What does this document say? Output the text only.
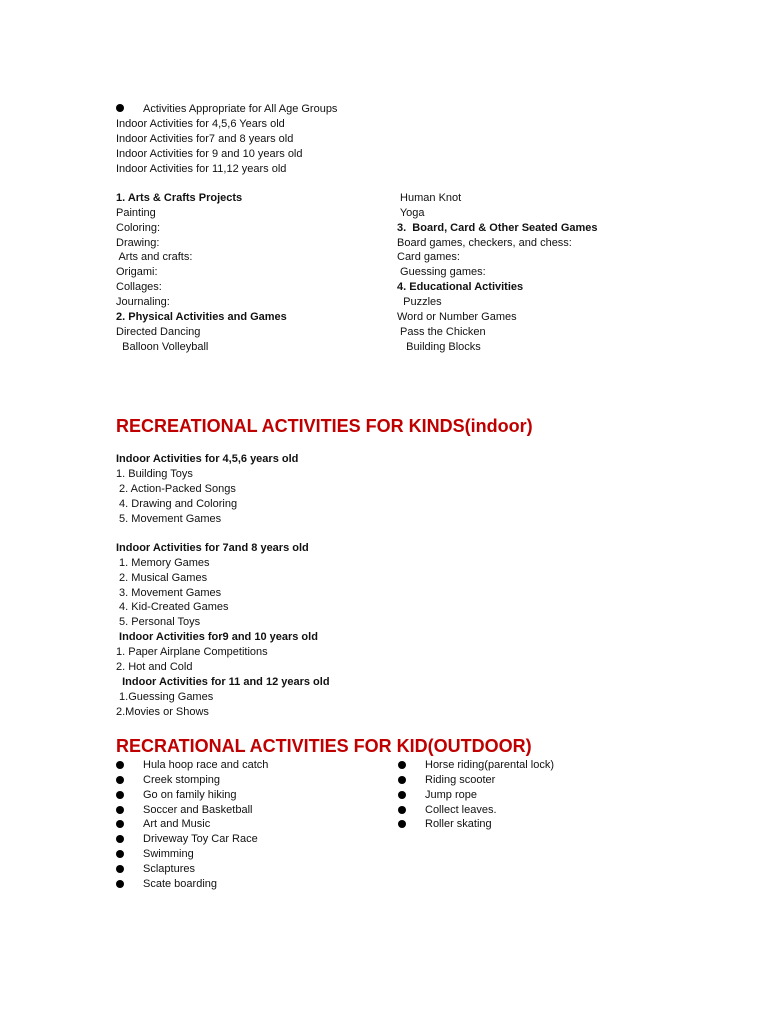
Activities Appropriate for All Age Groups
Indoor Activities for 4,5,6 Years old
Indoor Activities for7 and 8 years old
Indoor Activities for 9 and 10 years old
Indoor Activities for 11,12 years old
1. Arts & Crafts Projects
Painting
Coloring:
Drawing:
Arts and crafts:
Origami:
Collages:
Journaling:
2. Physical Activities and Games
Directed Dancing
Balloon Volleyball
Human Knot
Yoga
3.  Board, Card & Other Seated Games
Board games, checkers, and chess:
Card games:
Guessing games:
4. Educational Activities
Puzzles
Word or Number Games
Pass the Chicken
Building Blocks
RECREATIONAL ACTIVITIES FOR KINDS(indoor)
Indoor Activities for 4,5,6 years old
1. Building Toys
2. Action-Packed Songs
4. Drawing and Coloring
5. Movement Games
Indoor Activities for 7and 8 years old
1. Memory Games
2. Musical Games
3. Movement Games
4. Kid-Created Games
5. Personal Toys
Indoor Activities for9 and 10 years old
1. Paper Airplane Competitions
2. Hot and Cold
Indoor Activities for 11 and 12 years old
1.Guessing Games
2.Movies or Shows
RECRATIONAL ACTIVITIES FOR KID(OUTDOOR)
Hula hoop race and catch
Creek stomping
Go on family hiking
Soccer and Basketball
Art and Music
Driveway Toy Car Race
Swimming
Sclaptures
Scate boarding
Horse riding(parental lock)
Riding scooter
Jump rope
Collect leaves.
Roller skating
